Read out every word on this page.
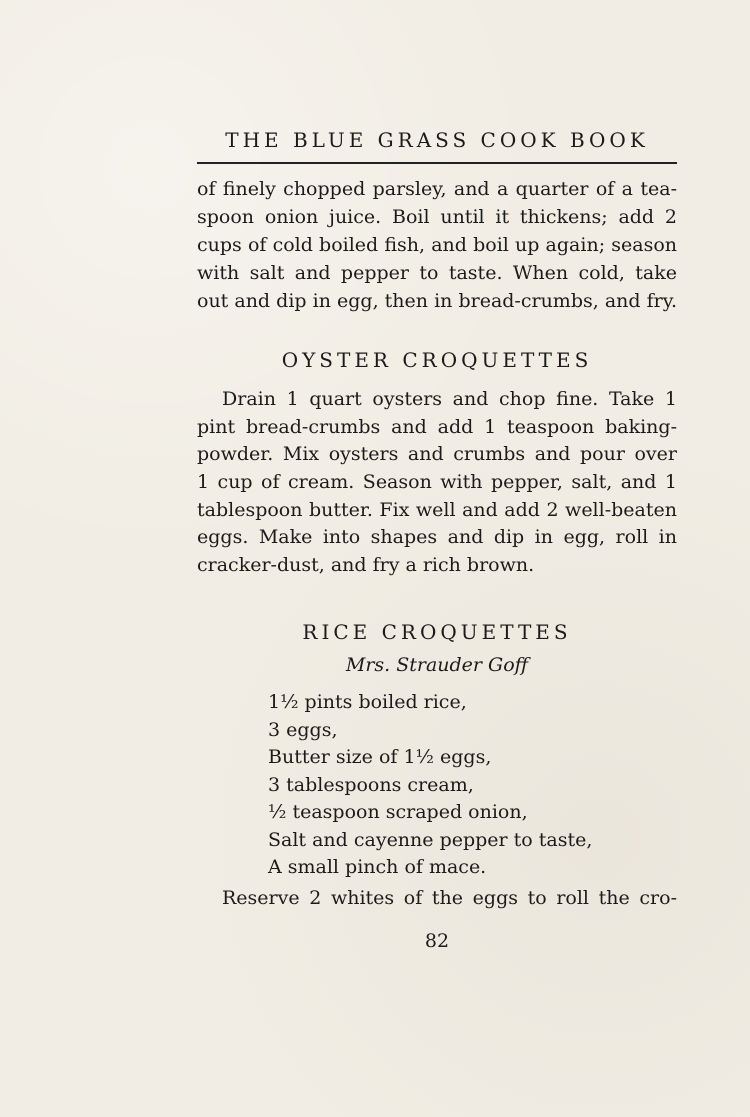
THE BLUE GRASS COOK BOOK
of finely chopped parsley, and a quarter of a tea-
spoon onion juice. Boil until it thickens; add 2
cups of cold boiled fish, and boil up again; season
with salt and pepper to taste. When cold, take
out and dip in egg, then in bread-crumbs, and fry.
OYSTER CROQUETTES
Drain 1 quart oysters and chop fine. Take 1
pint bread-crumbs and add 1 teaspoon baking-
powder. Mix oysters and crumbs and pour over
1 cup of cream. Season with pepper, salt, and 1
tablespoon butter. Fix well and add 2 well-beaten
eggs. Make into shapes and dip in egg, roll in
cracker-dust, and fry a rich brown.
RICE CROQUETTES
Mrs. Strauder Goff
1½ pints boiled rice,
3 eggs,
Butter size of 1½ eggs,
3 tablespoons cream,
½ teaspoon scraped onion,
Salt and cayenne pepper to taste,
A small pinch of mace.
Reserve 2 whites of the eggs to roll the cro-
82
